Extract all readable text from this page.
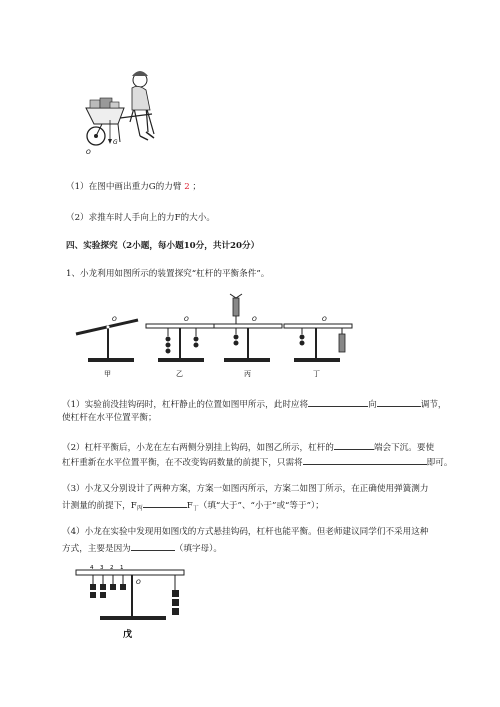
O
G
（1）在图中画出重力G的力臂 2 ；
（2）求推车时人手向上的力F的大小。
四、实验探究（2小题，每小题10分，共计20分）
1、小龙利用如图所示的装置探究“杠杆的平衡条件”。
O	O	O	O
甲	乙	丙	丁
（1）实验前没挂钩码时，杠杆静止的位置如图甲所示，此时应将	向	调节，
使杠杆在水平位置平衡；
（2）杠杆平衡后，小龙在左右两侧分别挂上钩码，如图乙所示，杠杆的	端会下沉。要使
杠杆重新在水平位置平衡，在不改变钩码数量的前提下，只需将	即可。
（3）小龙又分别设计了两种方案，方案一如图丙所示，方案二如图丁所示，在正确使用弹簧测力
计测量的前提下，$F_丙$	$F_丁$（填“大于”、“小于”或“等于”）；
（4）小龙在实验中发现用如图戊的方式悬挂钩码，杠杆也能平衡。但老师建议同学们不采用这种
方式，主要是因为	（填字母）。
4 3 2 1
O
戊
